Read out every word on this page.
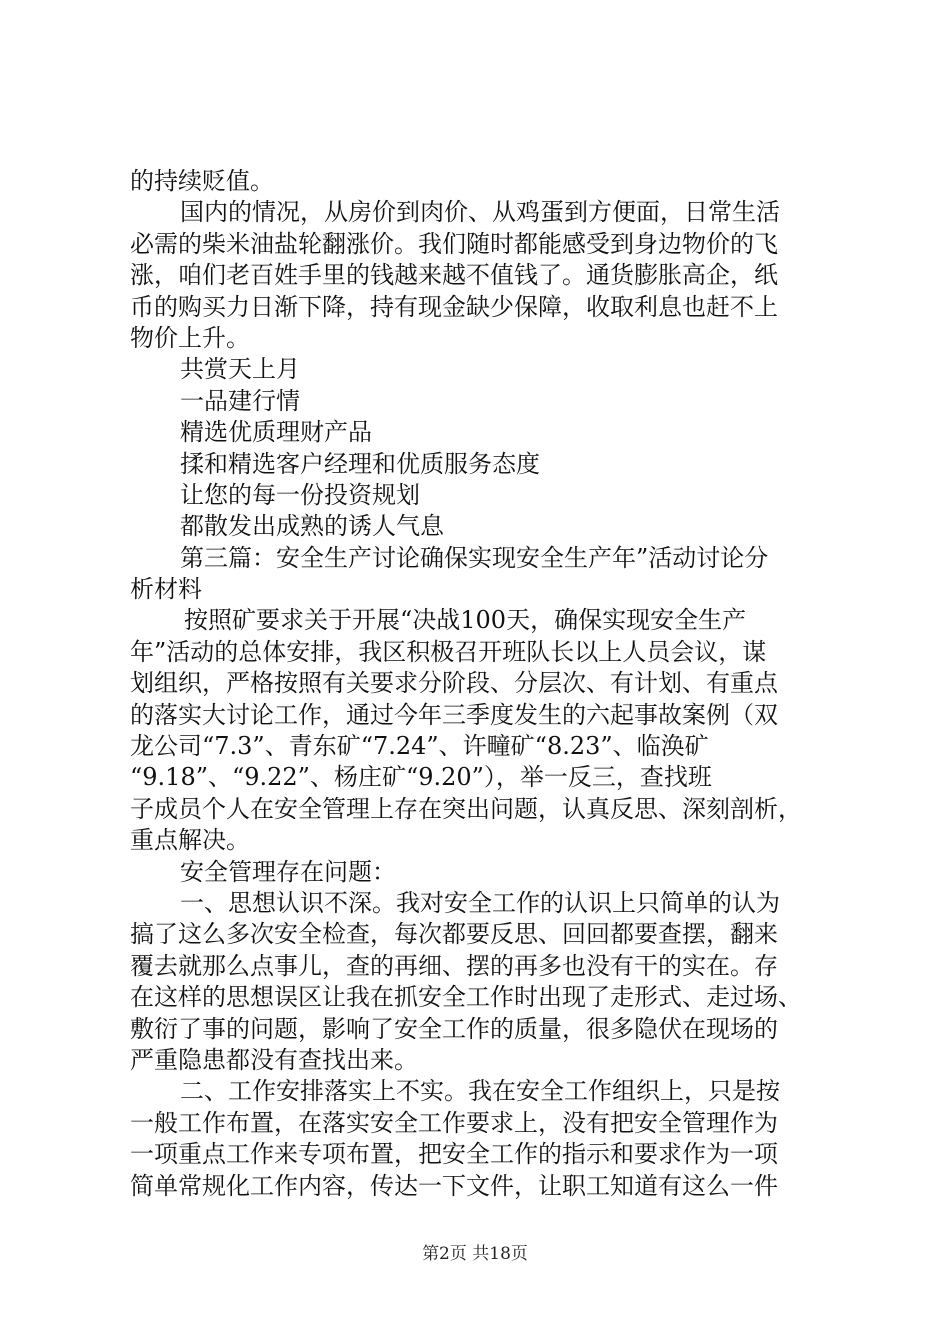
的持续贬值。
国内的情况，从房价到肉价、从鸡蛋到方便面，日常生活
必需的柴米油盐轮翻涨价。我们随时都能感受到身边物价的飞
涨，咱们老百姓手里的钱越来越不值钱了。通货膨胀高企，纸
币的购买力日渐下降，持有现金缺少保障，收取利息也赶不上
物价上升。
共赏天上月
一品建行情
精选优质理财产品
揉和精选客户经理和优质服务态度
让您的每一份投资规划
都散发出成熟的诱人气息
第三篇：安全生产讨论确保实现安全生产年”活动讨论分
析材料
按照矿要求关于开展“决战100天，确保实现安全生产
年”活动的总体安排，我区积极召开班队长以上人员会议，谋
划组织，严格按照有关要求分阶段、分层次、有计划、有重点
的落实大讨论工作，通过今年三季度发生的六起事故案例（双
龙公司“7.3”、青东矿“7.24”、许疃矿“8.23”、临涣矿
“9.18”、“9.22”、杨庄矿“9.20”），举一反三，查找班
子成员个人在安全管理上存在突出问题，认真反思、深刻剖析，
重点解决。
安全管理存在问题：
一、思想认识不深。我对安全工作的认识上只简单的认为
搞了这么多次安全检查，每次都要反思、回回都要查摆，翻来
覆去就那么点事儿，查的再细、摆的再多也没有干的实在。存
在这样的思想误区让我在抓安全工作时出现了走形式、走过场、
敷衍了事的问题，影响了安全工作的质量，很多隐伏在现场的
严重隐患都没有查找出来。
二、工作安排落实上不实。我在安全工作组织上，只是按
一般工作布置，在落实安全工作要求上，没有把安全管理作为
一项重点工作来专项布置，把安全工作的指示和要求作为一项
简单常规化工作内容，传达一下文件，让职工知道有这么一件
第2页 共18页
